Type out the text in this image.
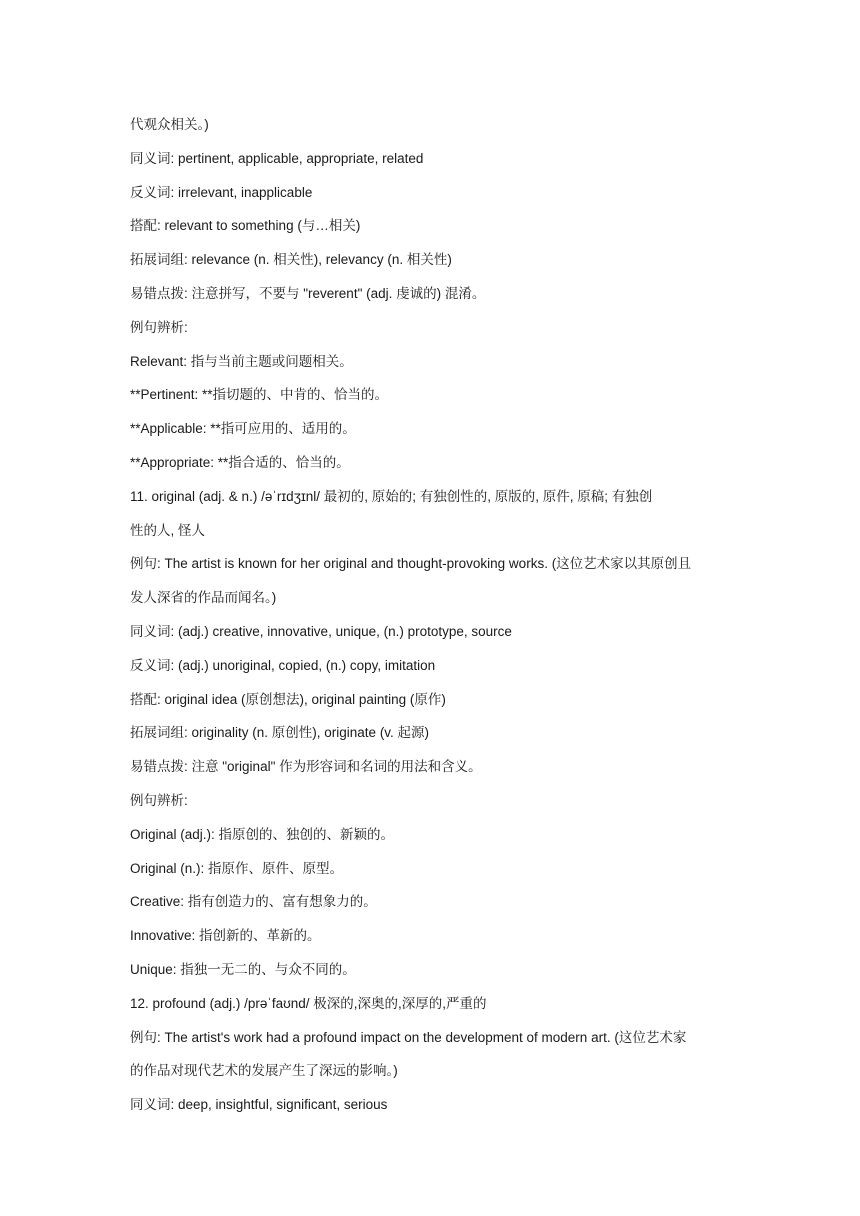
代观众相关。)
同义词: pertinent, applicable, appropriate, related
反义词: irrelevant, inapplicable
搭配: relevant to something (与…相关)
拓展词组: relevance (n. 相关性), relevancy (n. 相关性)
易错点拨: 注意拼写，不要与 "reverent" (adj. 虔诚的) 混淆。
例句辨析:
Relevant: 指与当前主题或问题相关。
**Pertinent: **指切题的、中肯的、恰当的。
**Applicable: **指可应用的、适用的。
**Appropriate: **指合适的、恰当的。
11. original (adj. & n.) /əˈrɪdʒɪnl/ 最初的, 原始的; 有独创性的, 原版的, 原件, 原稿; 有独创
性的人, 怪人
例句: The artist is known for her original and thought-provoking works. (这位艺术家以其原创且
发人深省的作品而闻名。)
同义词: (adj.) creative, innovative, unique, (n.) prototype, source
反义词: (adj.) unoriginal, copied, (n.) copy, imitation
搭配: original idea (原创想法), original painting (原作)
拓展词组: originality (n. 原创性), originate (v. 起源)
易错点拨: 注意 "original" 作为形容词和名词的用法和含义。
例句辨析:
Original (adj.): 指原创的、独创的、新颖的。
Original (n.): 指原作、原件、原型。
Creative: 指有创造力的、富有想象力的。
Innovative: 指创新的、革新的。
Unique: 指独一无二的、与众不同的。
12. profound (adj.) /prəˈfaʊnd/ 极深的,深奥的,深厚的,严重的
例句: The artist's work had a profound impact on the development of modern art. (这位艺术家
的作品对现代艺术的发展产生了深远的影响。)
同义词: deep, insightful, significant, serious
